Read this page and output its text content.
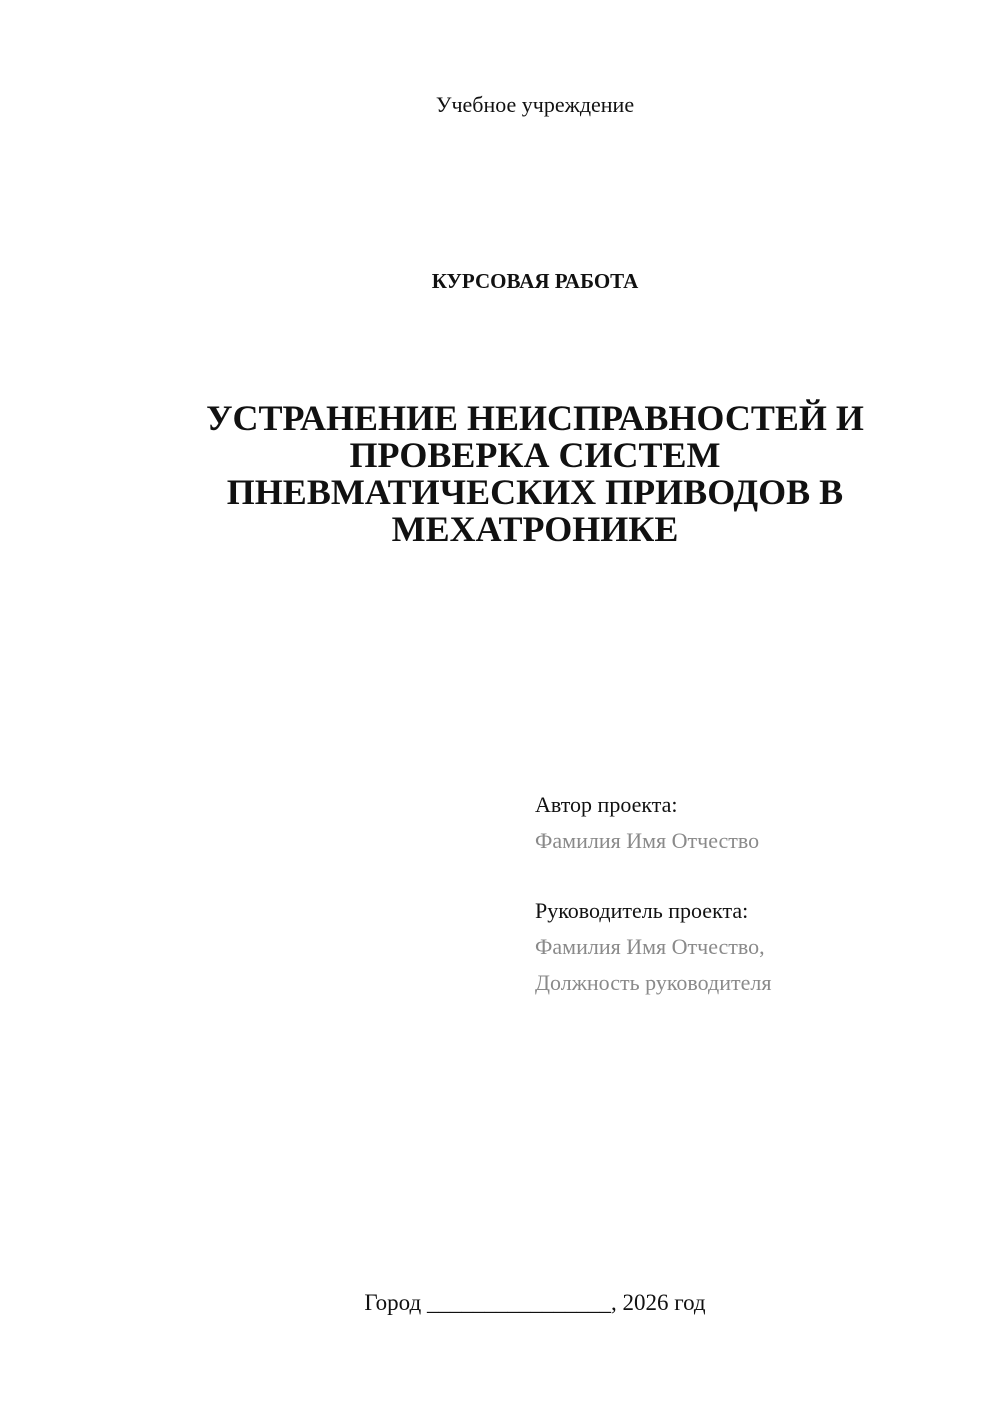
Учебное учреждение
КУРСОВАЯ РАБОТА
УСТРАНЕНИЕ НЕИСПРАВНОСТЕЙ И
ПРОВЕРКА СИСТЕМ
ПНЕВМАТИЧЕСКИХ ПРИВОДОВ В
МЕХАТРОНИКЕ
Автор проекта:
Фамилия Имя Отчество
Руководитель проекта:
Фамилия Имя Отчество,
Должность руководителя
Город ________________, 2026 год
